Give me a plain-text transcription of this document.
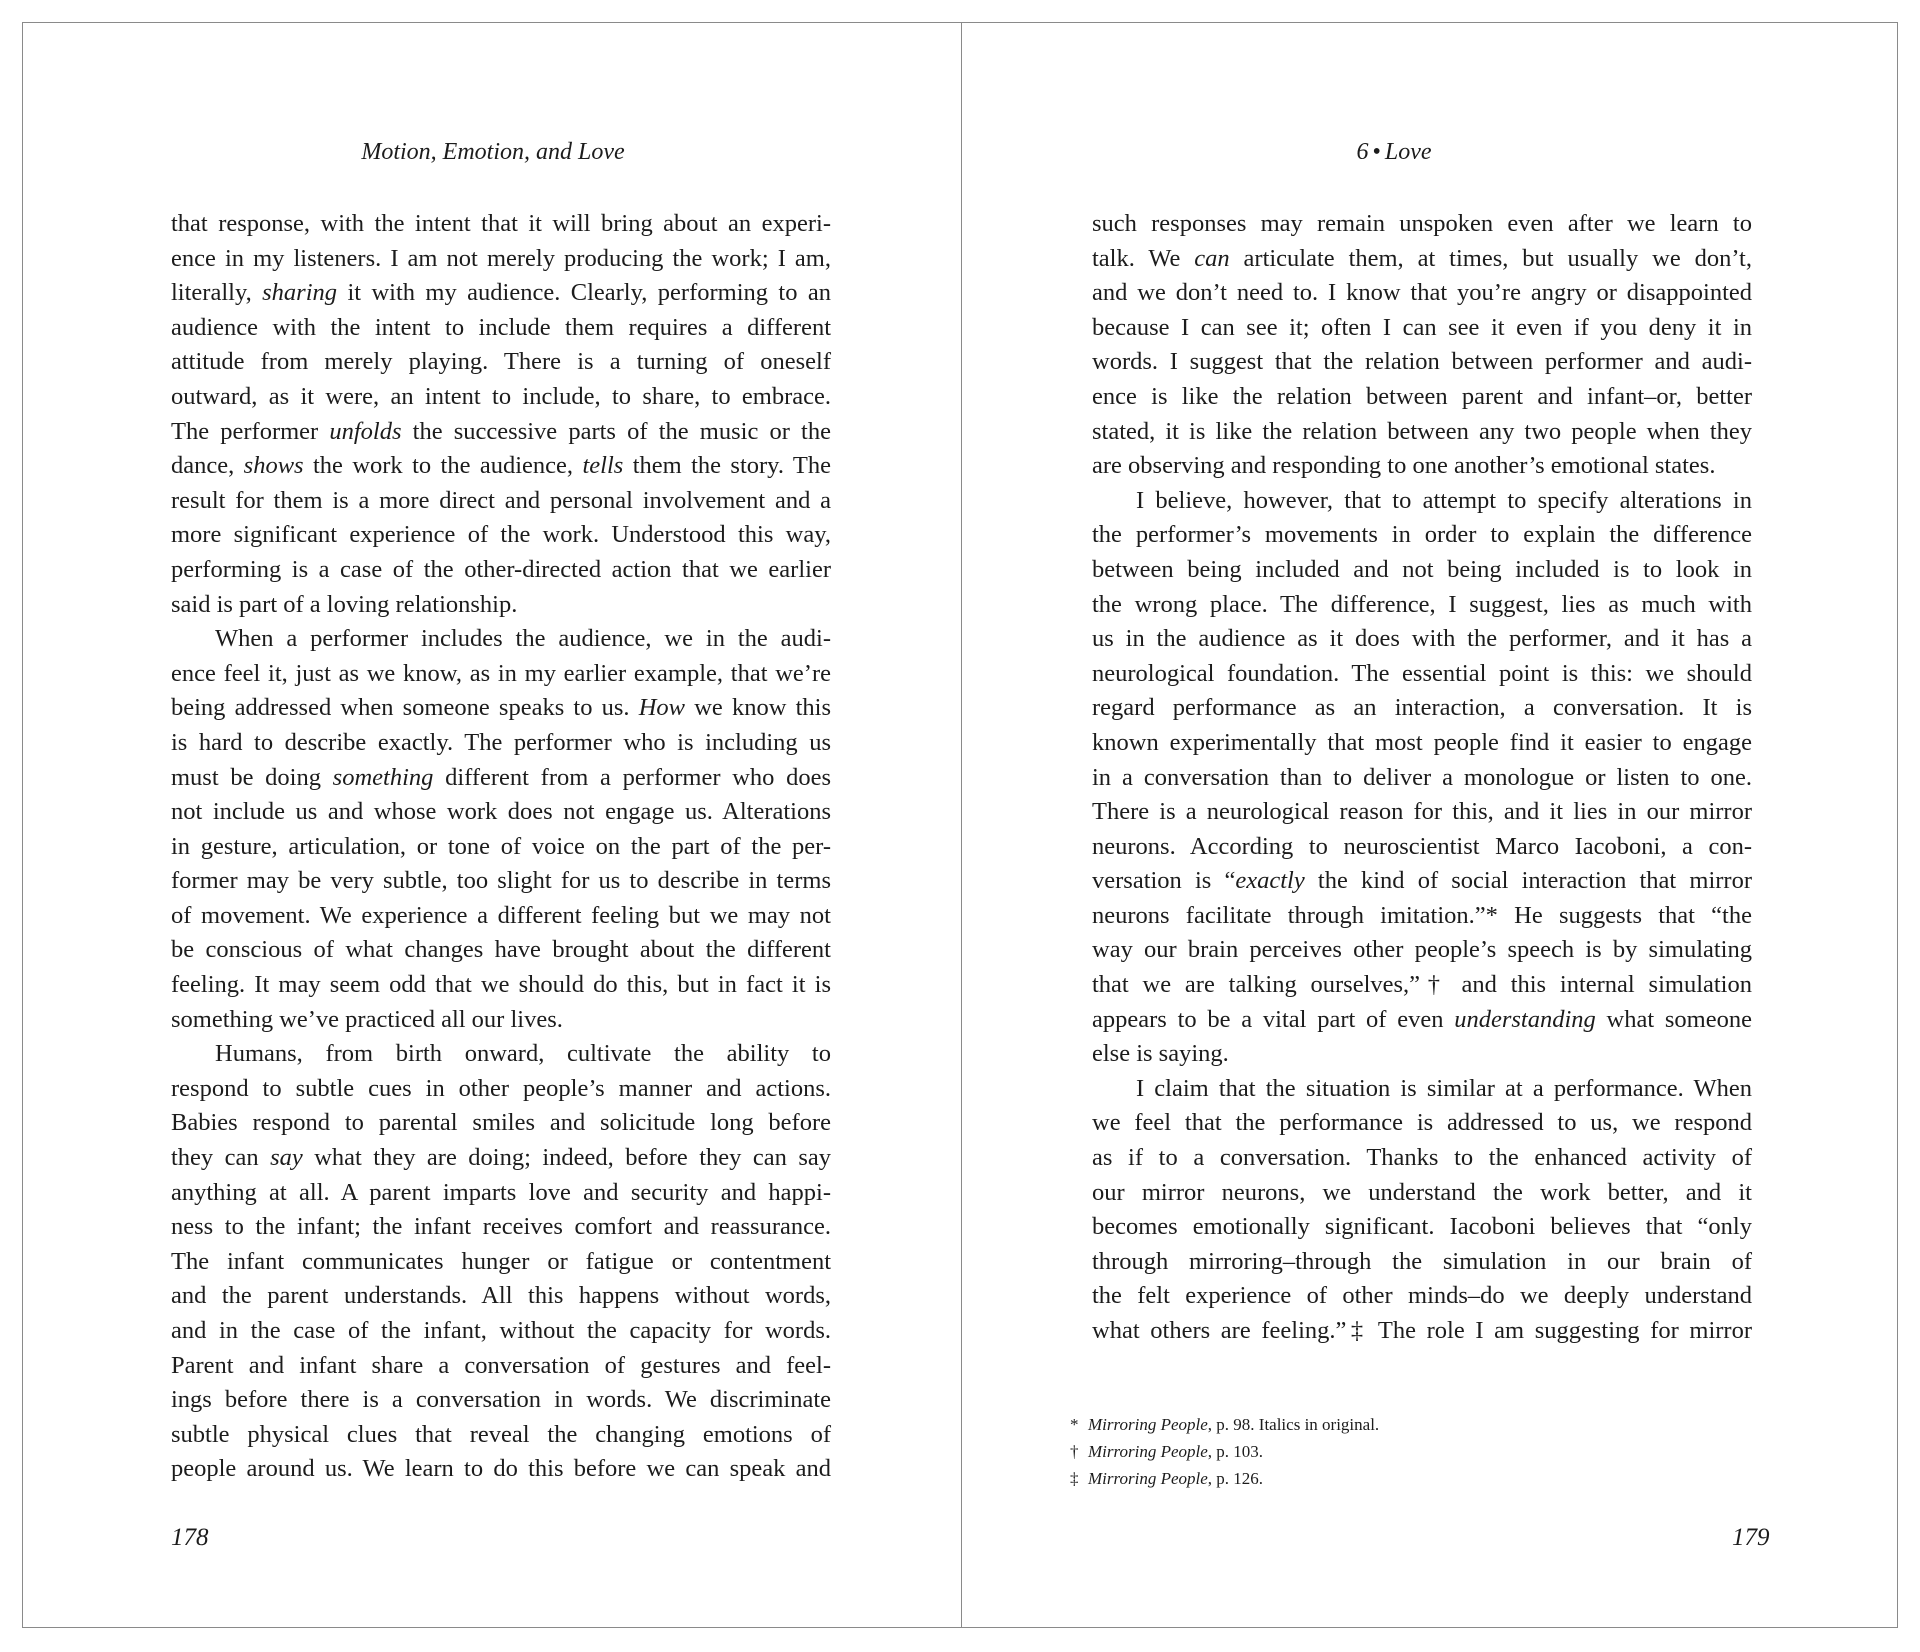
Motion, Emotion, and Love
that response, with the intent that it will bring about an experi-
ence in my listeners. I am not merely producing the work; I am,
literally, sharing it with my audience. Clearly, performing to an
audience with the intent to include them requires a different
attitude from merely playing. There is a turning of oneself
outward, as it were, an intent to include, to share, to embrace.
The performer unfolds the successive parts of the music or the
dance, shows the work to the audience, tells them the story. The
result for them is a more direct and personal involvement and a
more significant experience of the work. Understood this way,
performing is a case of the other-directed action that we earlier
said is part of a loving relationship.
When a performer includes the audience, we in the audi-
ence feel it, just as we know, as in my earlier example, that we’re
being addressed when someone speaks to us. How we know this
is hard to describe exactly. The performer who is including us
must be doing something different from a performer who does
not include us and whose work does not engage us. Alterations
in gesture, articulation, or tone of voice on the part of the per-
former may be very subtle, too slight for us to describe in terms
of movement. We experience a different feeling but we may not
be conscious of what changes have brought about the different
feeling. It may seem odd that we should do this, but in fact it is
something we’ve practiced all our lives.
Humans, from birth onward, cultivate the ability to
respond to subtle cues in other people’s manner and actions.
Babies respond to parental smiles and solicitude long before
they can say what they are doing; indeed, before they can say
anything at all. A parent imparts love and security and happi-
ness to the infant; the infant receives comfort and reassurance.
The infant communicates hunger or fatigue or contentment
and the parent understands. All this happens without words,
and in the case of the infant, without the capacity for words.
Parent and infant share a conversation of gestures and feel-
ings before there is a conversation in words. We discriminate
subtle physical clues that reveal the changing emotions of
people around us. We learn to do this before we can speak and
178
6 • Love
such responses may remain unspoken even after we learn to
talk. We can articulate them, at times, but usually we don’t,
and we don’t need to. I know that you’re angry or disappointed
because I can see it; often I can see it even if you deny it in
words. I suggest that the relation between performer and audi-
ence is like the relation between parent and infant–or, better
stated, it is like the relation between any two people when they
are observing and responding to one another’s emotional states.
I believe, however, that to attempt to specify alterations in
the performer’s movements in order to explain the difference
between being included and not being included is to look in
the wrong place. The difference, I suggest, lies as much with
us in the audience as it does with the performer, and it has a
neurological foundation. The essential point is this: we should
regard performance as an interaction, a conversation. It is
known experimentally that most people find it easier to engage
in a conversation than to deliver a monologue or listen to one.
There is a neurological reason for this, and it lies in our mirror
neurons. According to neuroscientist Marco Iacoboni, a con-
versation is “exactly the kind of social interaction that mirror
neurons facilitate through imitation.”* He suggests that “the
way our brain perceives other people’s speech is by simulating
that we are talking ourselves,”† and this internal simulation
appears to be a vital part of even understanding what someone
else is saying.
I claim that the situation is similar at a performance. When
we feel that the performance is addressed to us, we respond
as if to a conversation. Thanks to the enhanced activity of
our mirror neurons, we understand the work better, and it
becomes emotionally significant. Iacoboni believes that “only
through mirroring–through the simulation in our brain of
the felt experience of other minds–do we deeply understand
what others are feeling.”‡ The role I am suggesting for mirror
* Mirroring People, p. 98. Italics in original.
† Mirroring People, p. 103.
‡ Mirroring People, p. 126.
179
